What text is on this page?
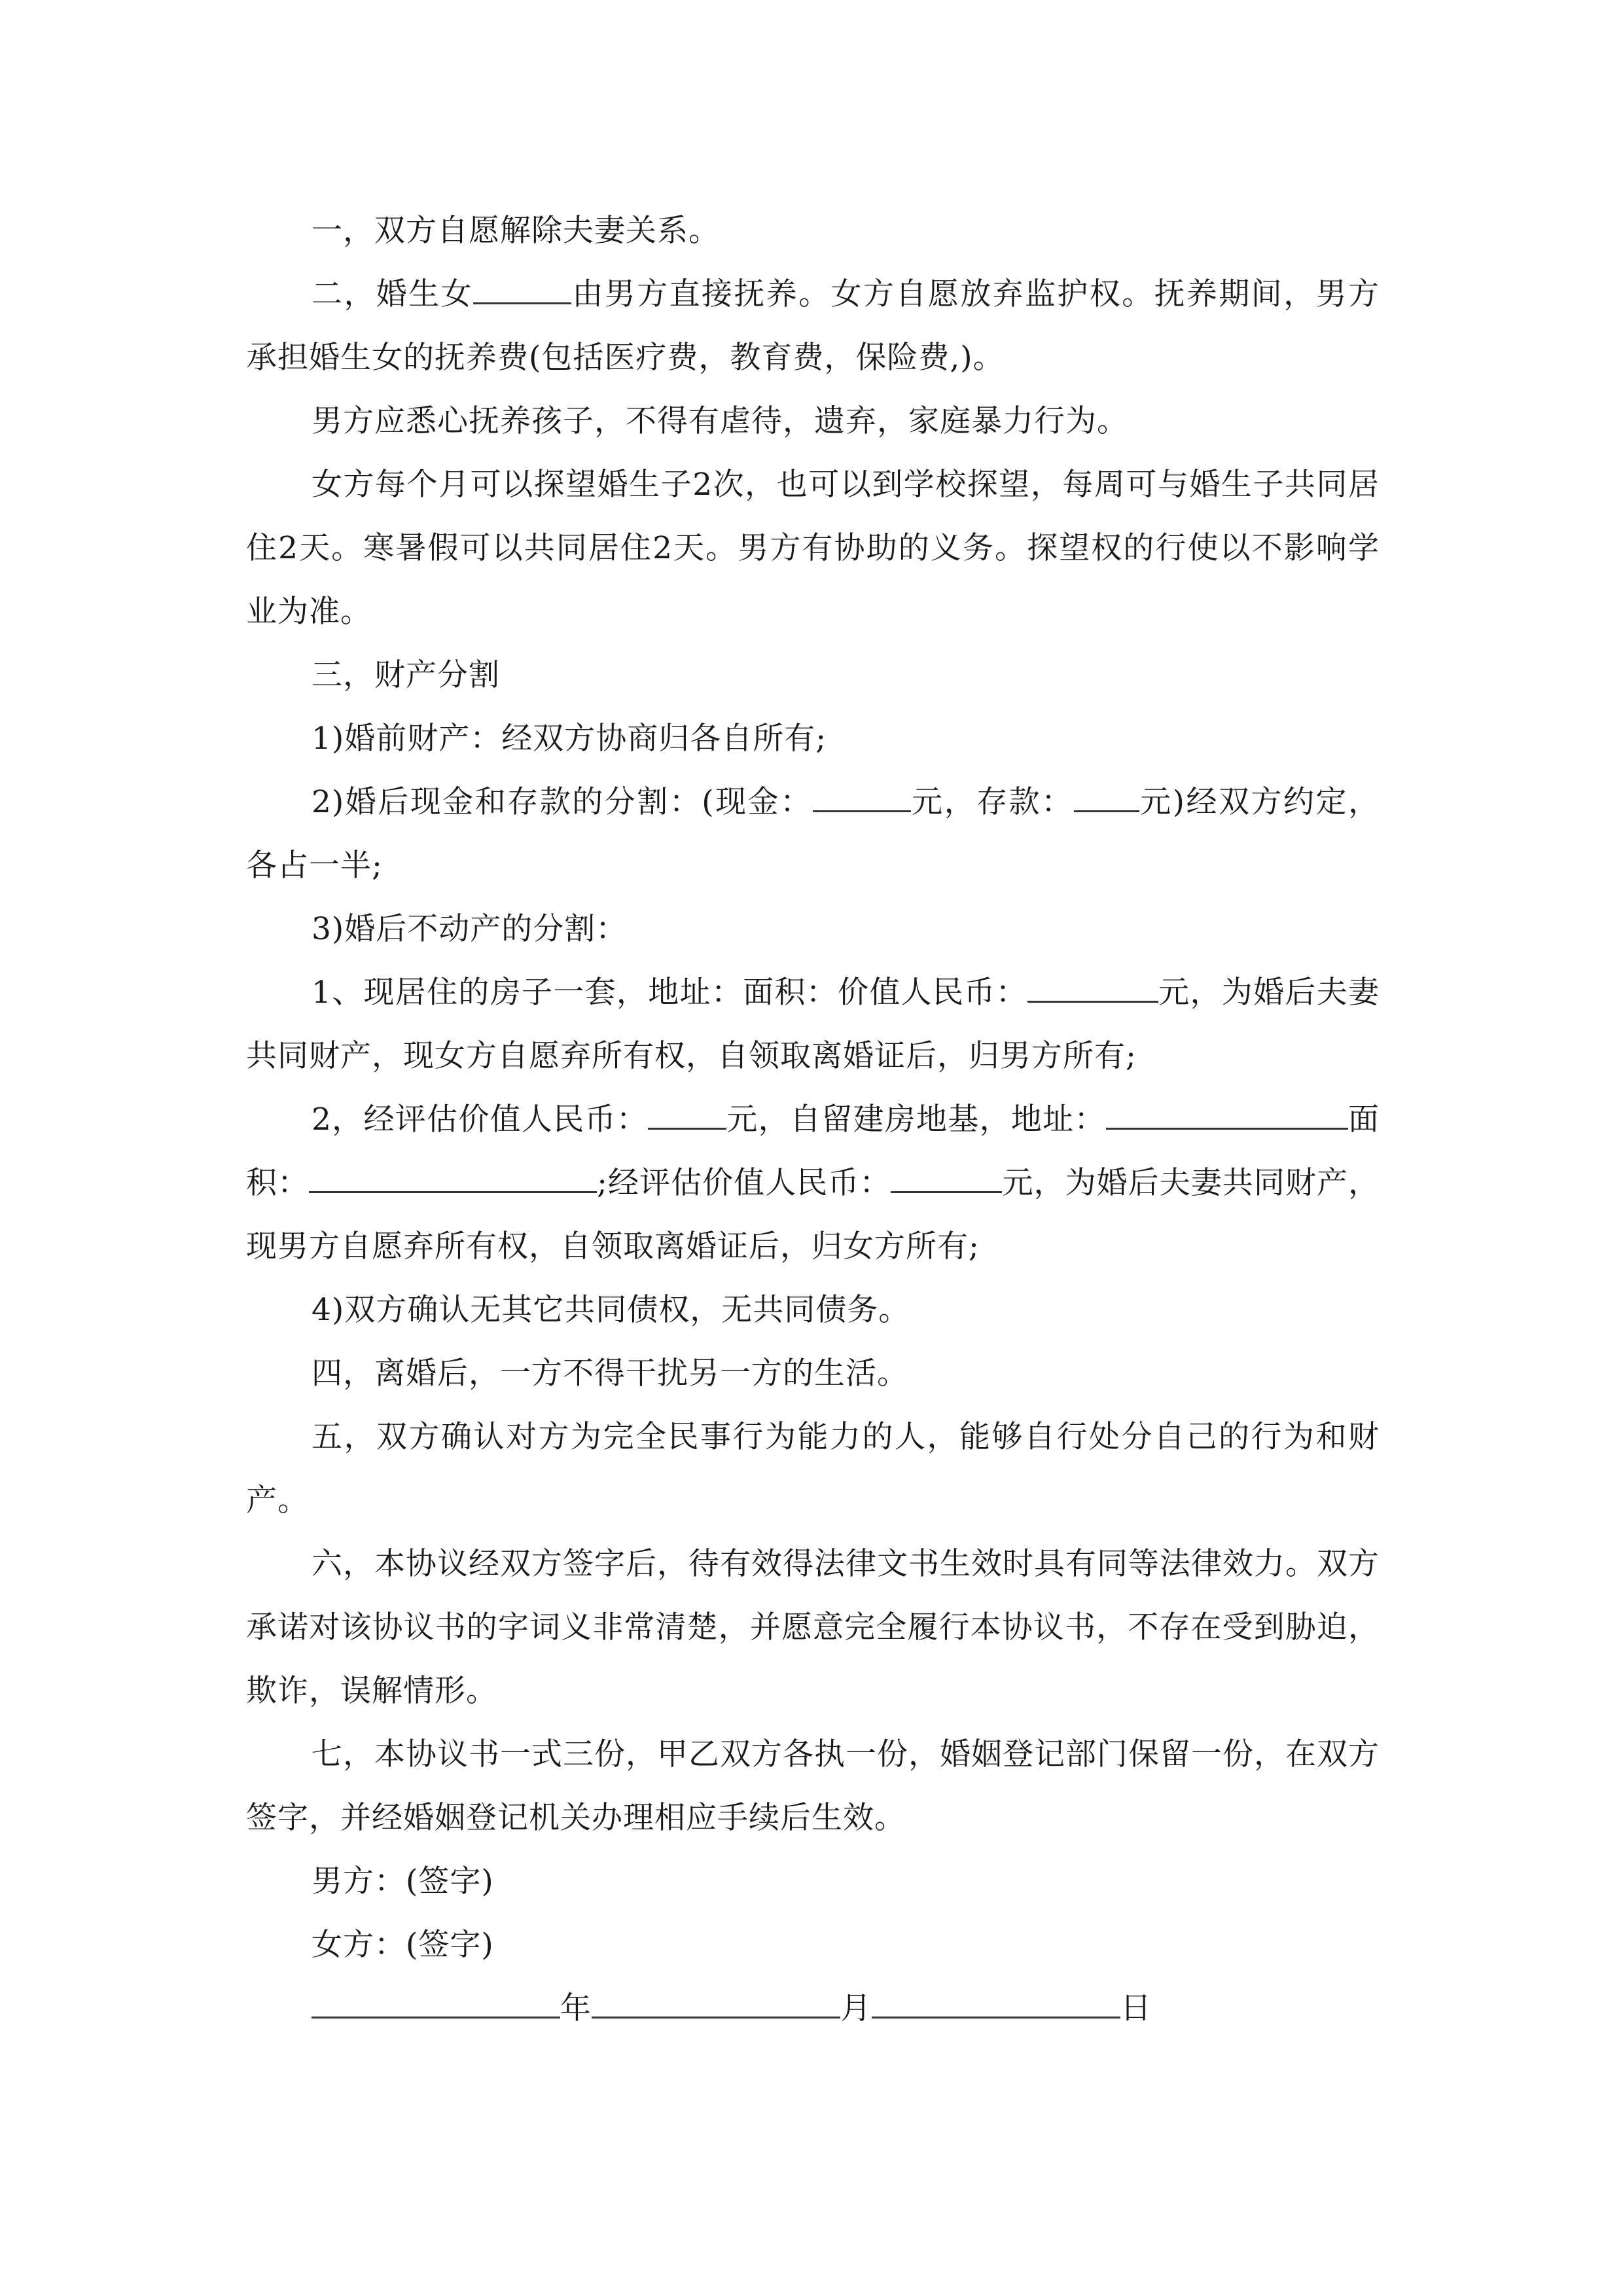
一，双方自愿解除夫妻关系。

二，婚生女	由男方直接抚养。女方自愿放弃监护权。抚养期间，男方承担婚生女的抚养费(包括医疗费，教育费，保险费,)。

男方应悉心抚养孩子，不得有虐待，遗弃，家庭暴力行为。

女方每个月可以探望婚生子2次，也可以到学校探望，每周可与婚生子共同居住2天。寒暑假可以共同居住2天。男方有协助的义务。探望权的行使以不影响学业为准。

三，财产分割

1)婚前财产：经双方协商归各自所有;

2)婚后现金和存款的分割：(现金：	元，存款： 元)经双方约定，各占一半;

3)婚后不动产的分割：

1、现居住的房子一套，地址：面积：价值人民币：	元，为婚后夫妻共同财产，现女方自愿弃所有权，自领取离婚证后，归男方所有;

2，经评估价值人民币：	元，自留建房地基，地址：	面积：	;经评估价值人民币：	元，为婚后夫妻共同财产，现男方自愿弃所有权，自领取离婚证后，归女方所有;

4)双方确认无其它共同债权，无共同债务。

四，离婚后，一方不得干扰另一方的生活。

五，双方确认对方为完全民事行为能力的人，能够自行处分自己的行为和财产。

六，本协议经双方签字后，待有效得法律文书生效时具有同等法律效力。双方承诺对该协议书的字词义非常清楚，并愿意完全履行本协议书，不存在受到胁迫，欺诈，误解情形。

七，本协议书一式三份，甲乙双方各执一份，婚姻登记部门保留一份，在双方签字，并经婚姻登记机关办理相应手续后生效。

男方：(签字)

女方：(签字)

年	月	日
